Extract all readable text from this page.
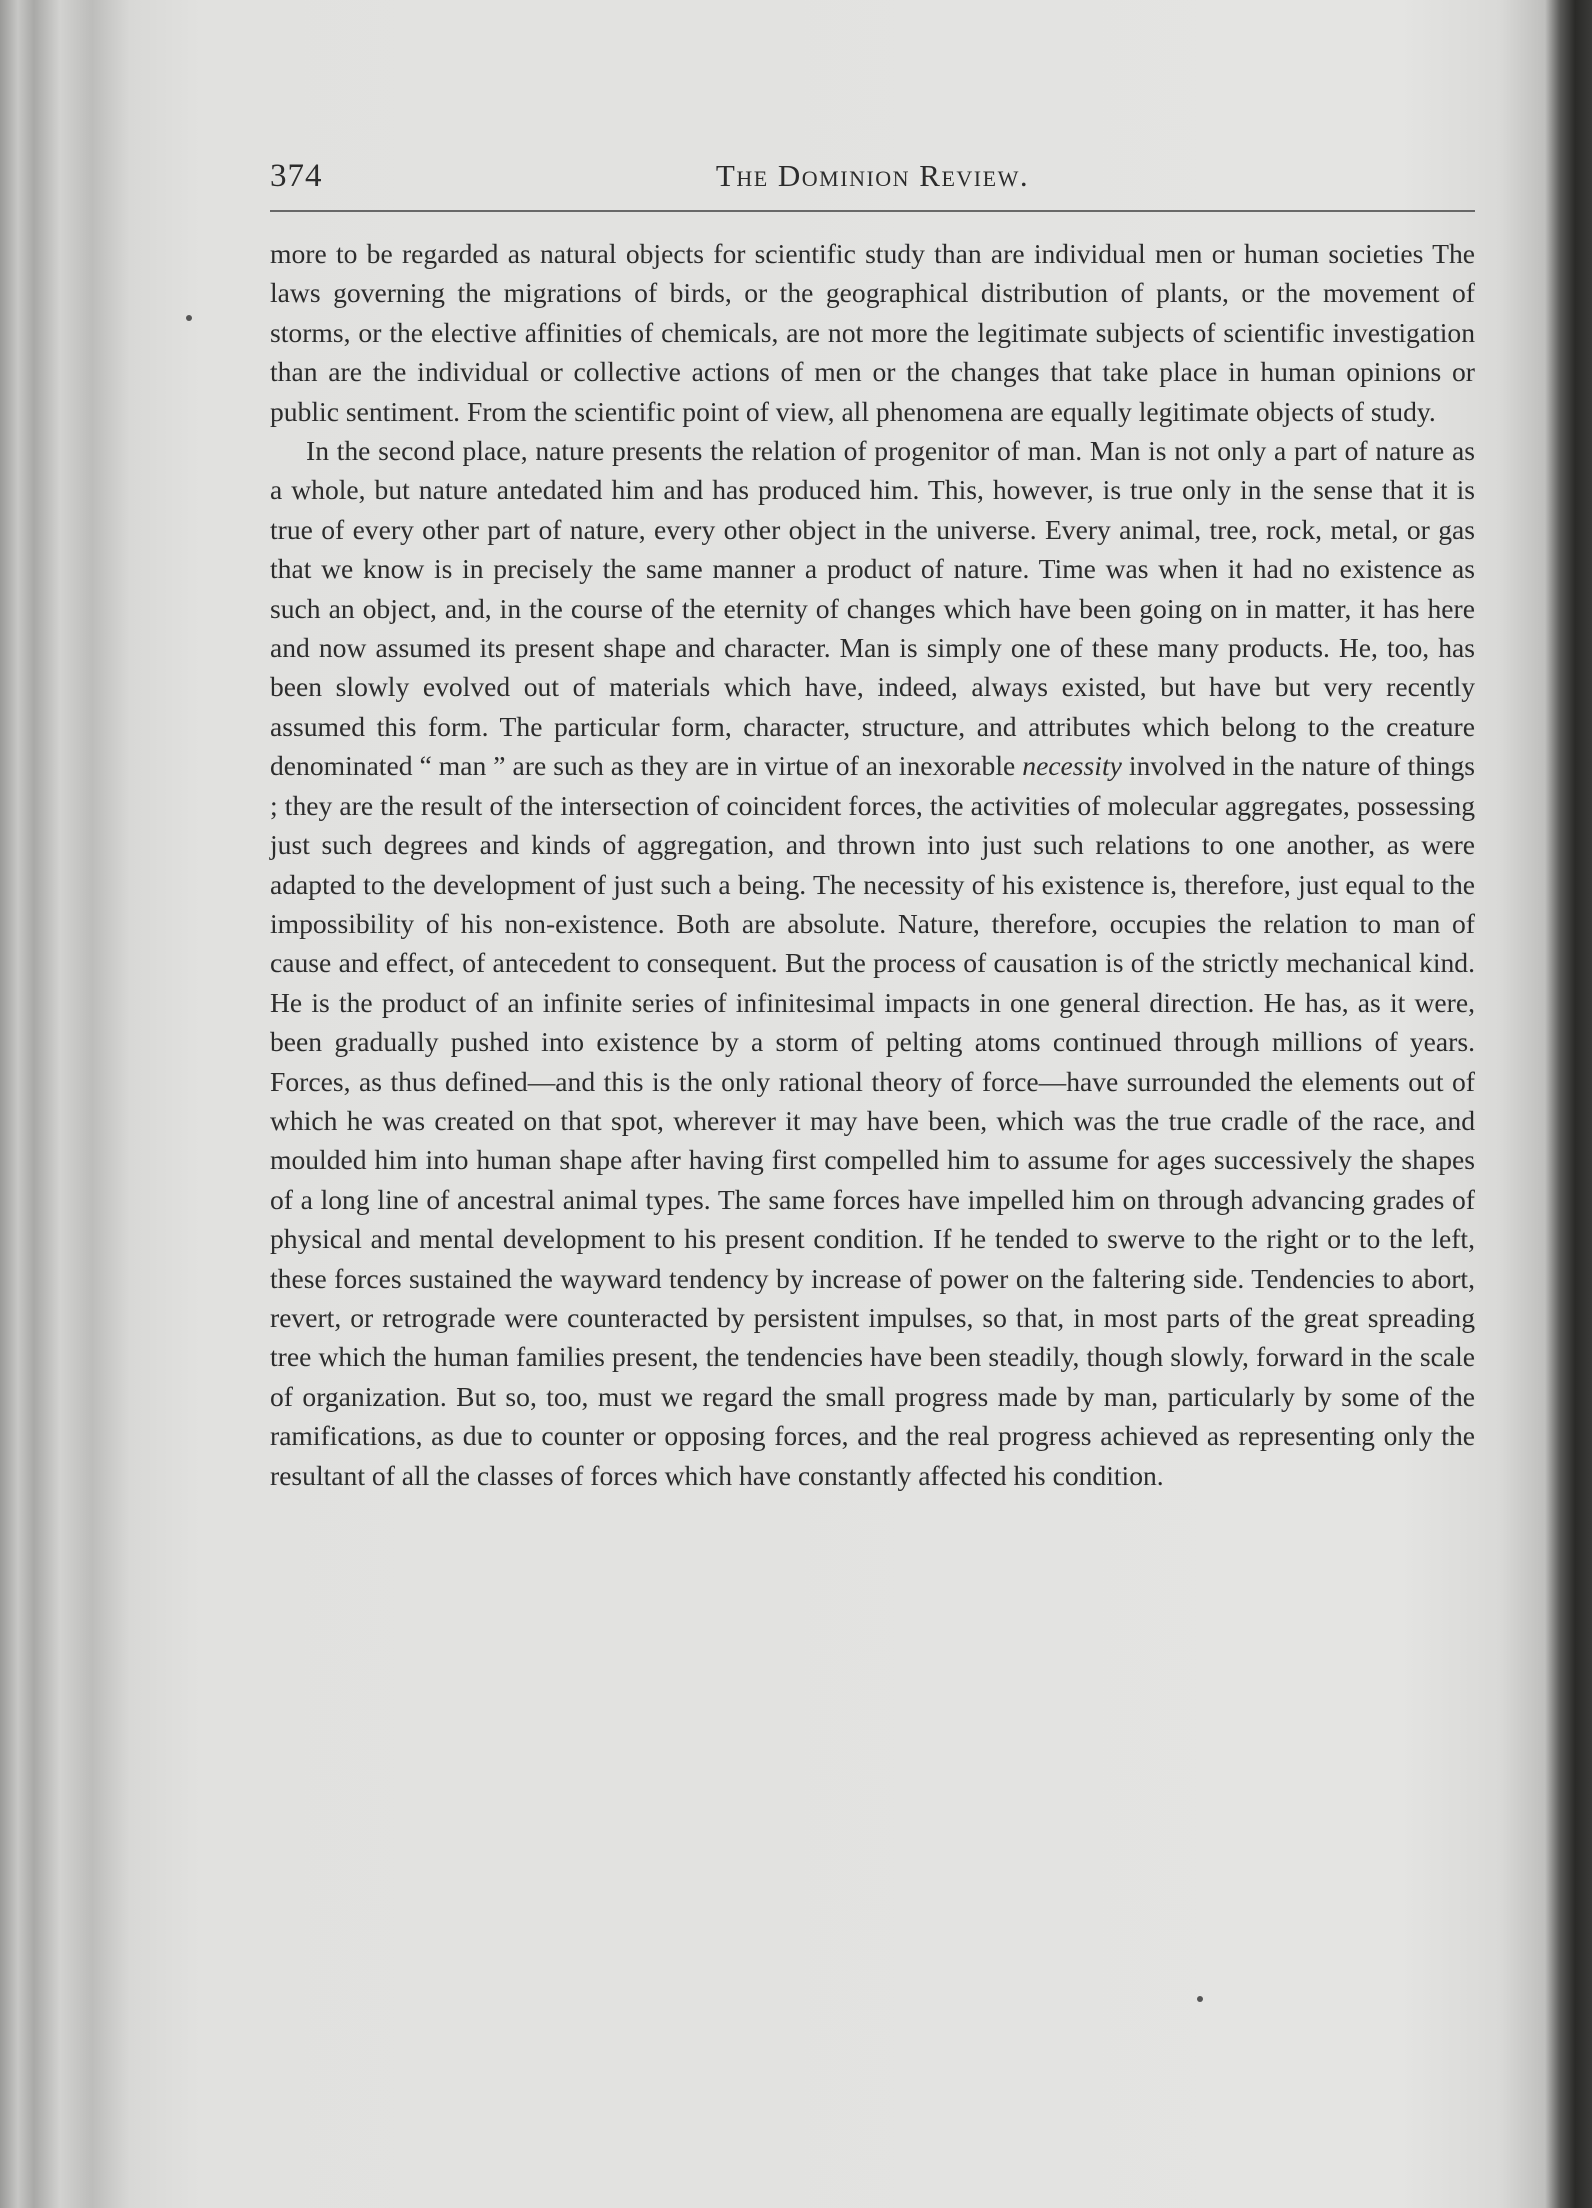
374	The Dominion Review.

more to be regarded as natural objects for scientific study than are individual men or human societies The laws governing the migrations of birds, or the geographical distribution of plants, or the movement of storms, or the elective affinities of chemicals, are not more the legitimate subjects of scientific investigation than are the individual or collective actions of men or the changes that take place in human opinions or public sentiment. From the scientific point of view, all phenomena are equally legitimate objects of study.

In the second place, nature presents the relation of progenitor of man. Man is not only a part of nature as a whole, but nature antedated him and has produced him. This, however, is true only in the sense that it is true of every other part of nature, every other object in the universe. Every animal, tree, rock, metal, or gas that we know is in precisely the same manner a product of nature. Time was when it had no existence as such an object, and, in the course of the eternity of changes which have been going on in matter, it has here and now assumed its present shape and character. Man is simply one of these many products. He, too, has been slowly evolved out of materials which have, indeed, always existed, but have but very recently assumed this form. The particular form, character, structure, and attributes which belong to the creature denominated “ man ” are such as they are in virtue of an inexorable necessity involved in the nature of things ; they are the result of the intersection of coincident forces, the activities of molecular aggregates, possessing just such degrees and kinds of aggregation, and thrown into just such relations to one another, as were adapted to the development of just such a being. The necessity of his existence is, therefore, just equal to the impossibility of his non-existence. Both are absolute. Nature, therefore, occupies the relation to man of cause and effect, of antecedent to consequent. But the process of causation is of the strictly mechanical kind. He is the product of an infinite series of infinitesimal impacts in one general direction. He has, as it were, been gradually pushed into existence by a storm of pelting atoms continued through millions of years. Forces, as thus defined—and this is the only rational theory of force—have surrounded the elements out of which he was created on that spot, wherever it may have been, which was the true cradle of the race, and moulded him into human shape after having first compelled him to assume for ages successively the shapes of a long line of ancestral animal types. The same forces have impelled him on through advancing grades of physical and mental development to his present condition. If he tended to swerve to the right or to the left, these forces sustained the wayward tendency by increase of power on the faltering side. Tendencies to abort, revert, or retrograde were counteracted by persistent impulses, so that, in most parts of the great spreading tree which the human families present, the tendencies have been steadily, though slowly, forward in the scale of organization. But so, too, must we regard the small progress made by man, particularly by some of the ramifications, as due to counter or opposing forces, and the real progress achieved as representing only the resultant of all the classes of forces which have constantly affected his condition.
